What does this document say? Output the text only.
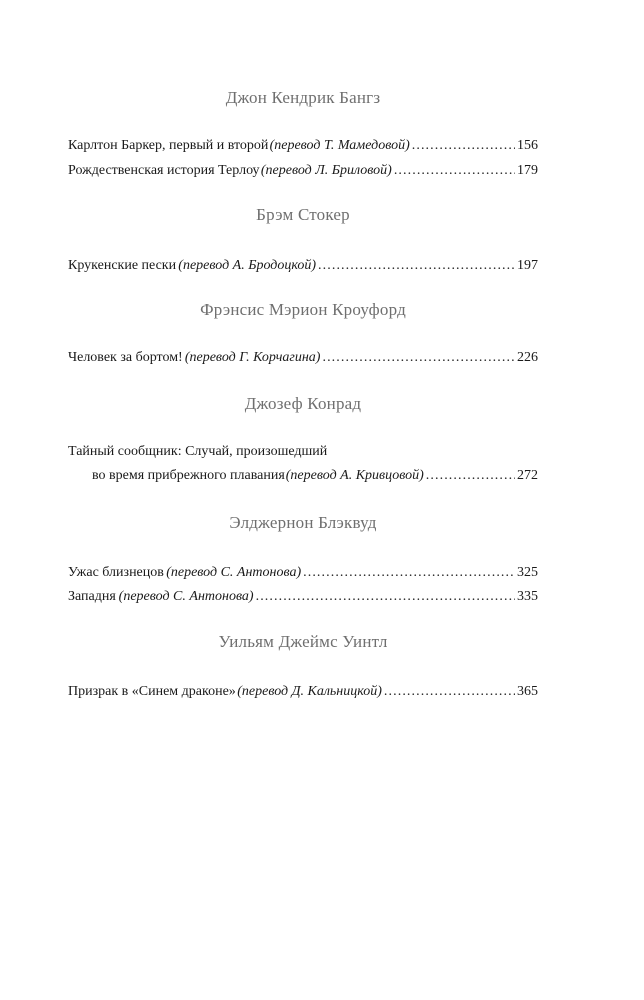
Джон Кендрик Бангз
Карлтон Баркер, первый и второй (перевод Т. Мамедовой) . . .	156
Рождественская история Терлоу (перевод Л. Бриловой) . . .	179
Брэм Стокер
Крукенские пески (перевод А. Бродоцкой) . . .	197
Фрэнсис Мэрион Кроуфорд
Человек за бортом! (перевод Г. Корчагина) . . .	226
Джозеф Конрад
Тайный сообщник: Случай, произошедший
во время прибрежного плавания (перевод А. Кривцовой) . . .	272
Элджернон Блэквуд
Ужас близнецов (перевод С. Антонова) . . .	325
Западня (перевод С. Антонова) . . .	335
Уильям Джеймс Уинтл
Призрак в «Синем драконе» (перевод Д. Кальницкой) . . .	365
